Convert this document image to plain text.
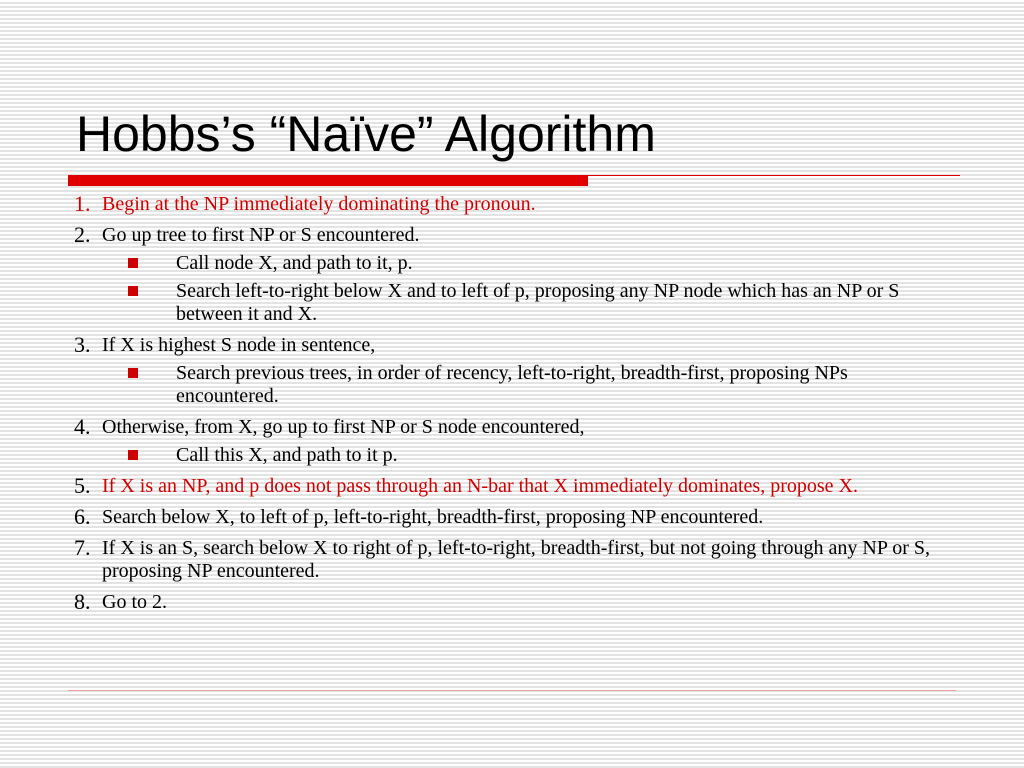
Hobbs’s “Naïve” Algorithm
1. Begin at the NP immediately dominating the pronoun.
2. Go up tree to first NP or S encountered.
Call node X, and path to it, p.
Search left-to-right below X and to left of p, proposing any NP node which has an NP or S between it and X.
3. If X is highest S node in sentence,
Search previous trees, in order of recency, left-to-right, breadth-first, proposing NPs encountered.
4. Otherwise, from X, go up to first NP or S node encountered,
Call this X, and path to it p.
5. If X is an NP, and p does not pass through an N-bar that X immediately dominates, propose X.
6. Search below X, to left of p, left-to-right, breadth-first, proposing NP encountered.
7. If X is an S, search below X to right of p, left-to-right, breadth-first, but not going through any NP or S, proposing NP encountered.
8. Go to 2.
